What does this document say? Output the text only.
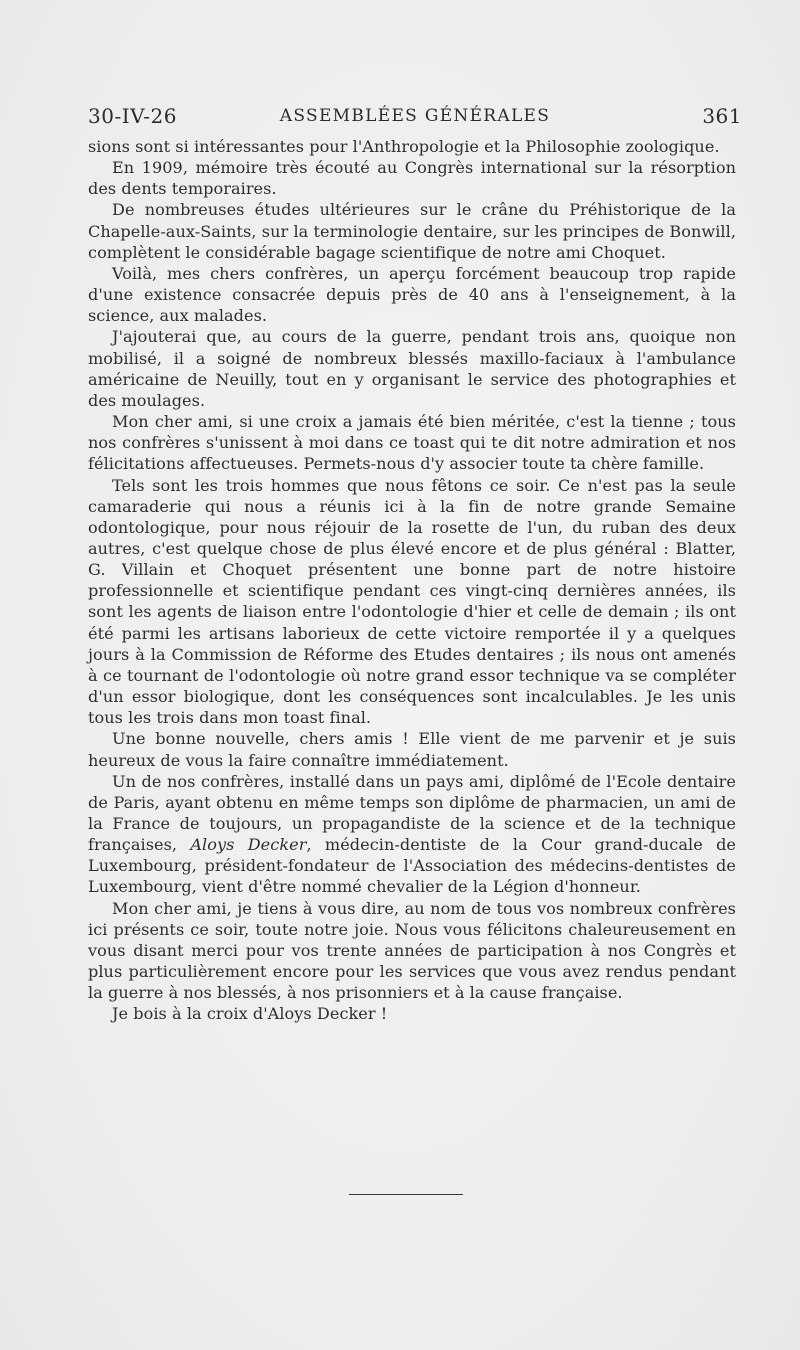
30-IV-26	ASSEMBLÉES GÉNÉRALES	361

sions sont si intéressantes pour l'Anthropologie et la Philosophie zoologique.

En 1909, mémoire très écouté au Congrès international sur la résorption des dents temporaires.

De nombreuses études ultérieures sur le crâne du Préhistorique de la Chapelle-aux-Saints, sur la terminologie dentaire, sur les principes de Bonwill, complètent le considérable bagage scientifique de notre ami Choquet.

Voilà, mes chers confrères, un aperçu forcément beaucoup trop rapide d'une existence consacrée depuis près de 40 ans à l'enseignement, à la science, aux malades.

J'ajouterai que, au cours de la guerre, pendant trois ans, quoique non mobilisé, il a soigné de nombreux blessés maxillo-faciaux à l'ambulance américaine de Neuilly, tout en y organisant le service des photographies et des moulages.

Mon cher ami, si une croix a jamais été bien méritée, c'est la tienne ; tous nos confrères s'unissent à moi dans ce toast qui te dit notre admiration et nos félicitations affectueuses. Permets-nous d'y associer toute ta chère famille.

Tels sont les trois hommes que nous fêtons ce soir. Ce n'est pas la seule camaraderie qui nous a réunis ici à la fin de notre grande Semaine odontologique, pour nous réjouir de la rosette de l'un, du ruban des deux autres, c'est quelque chose de plus élevé encore et de plus général : Blatter, G. Villain et Choquet présentent une bonne part de notre histoire professionnelle et scientifique pendant ces vingt-cinq dernières années, ils sont les agents de liaison entre l'odontologie d'hier et celle de demain ; ils ont été parmi les artisans laborieux de cette victoire remportée il y a quelques jours à la Commission de Réforme des Etudes dentaires ; ils nous ont amenés à ce tournant de l'odontologie où notre grand essor technique va se compléter d'un essor biologique, dont les conséquences sont incalculables. Je les unis tous les trois dans mon toast final.

Une bonne nouvelle, chers amis ! Elle vient de me parvenir et je suis heureux de vous la faire connaître immédiatement.

Un de nos confrères, installé dans un pays ami, diplômé de l'Ecole dentaire de Paris, ayant obtenu en même temps son diplôme de pharmacien, un ami de la France de toujours, un propagandiste de la science et de la technique françaises, Aloys Decker, médecin-dentiste de la Cour grand-ducale de Luxembourg, président-fondateur de l'Association des médecins-dentistes de Luxembourg, vient d'être nommé chevalier de la Légion d'honneur.

Mon cher ami, je tiens à vous dire, au nom de tous vos nombreux confrères ici présents ce soir, toute notre joie. Nous vous félicitons chaleureusement en vous disant merci pour vos trente années de participation à nos Congrès et plus particulièrement encore pour les services que vous avez rendus pendant la guerre à nos blessés, à nos prisonniers et à la cause française.

Je bois à la croix d'Aloys Decker !
